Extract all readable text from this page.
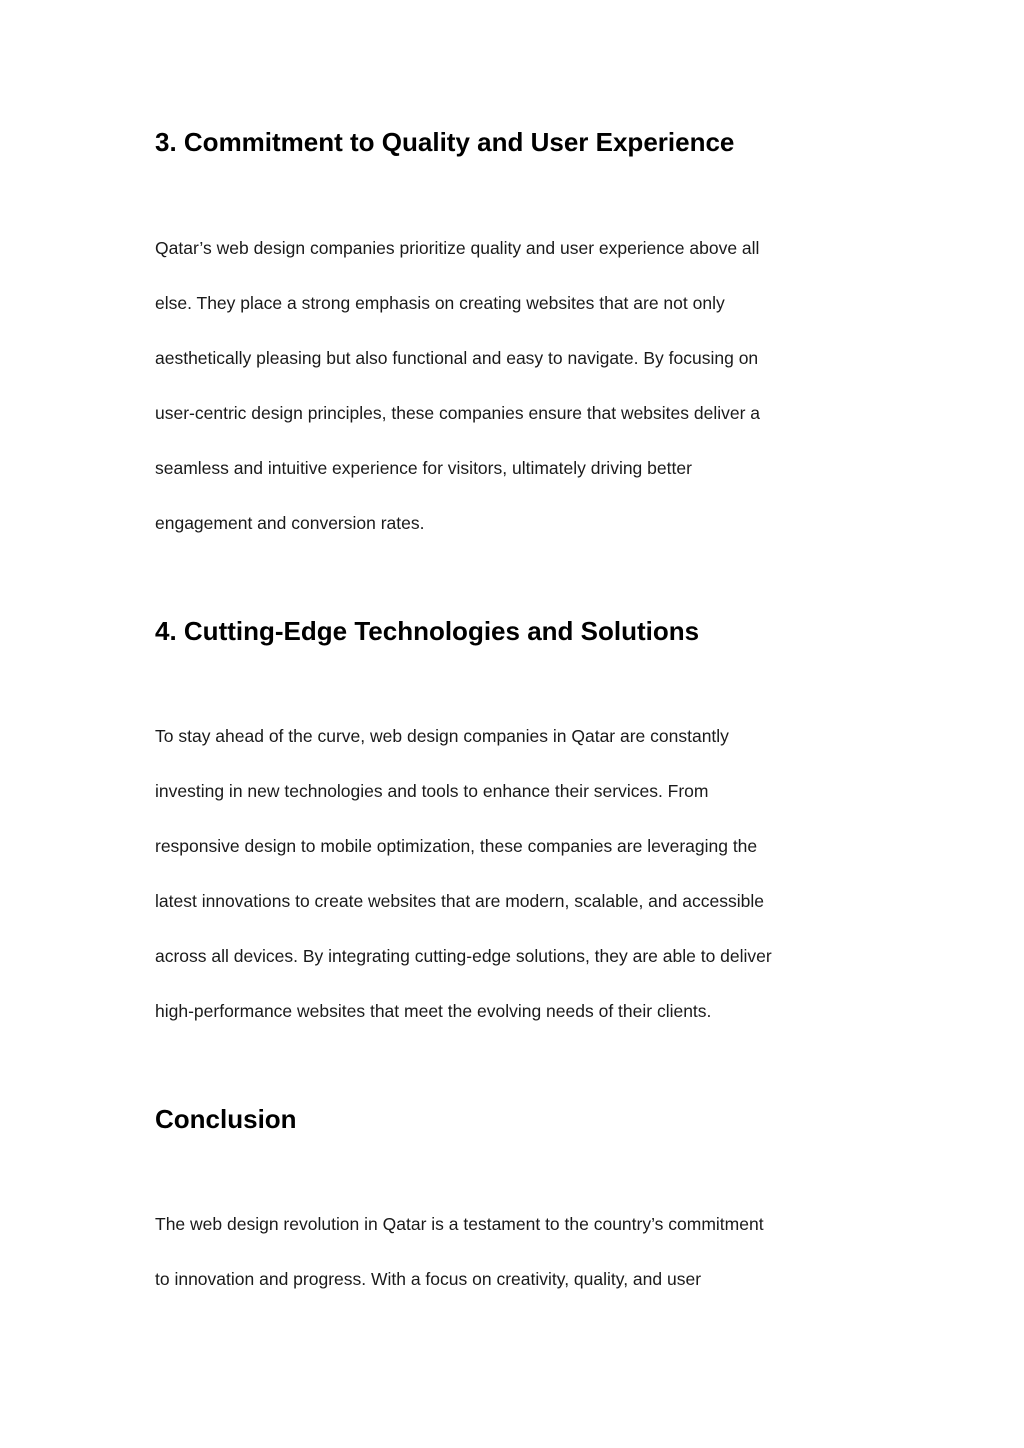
3. Commitment to Quality and User Experience
Qatar’s web design companies prioritize quality and user experience above all
else. They place a strong emphasis on creating websites that are not only
aesthetically pleasing but also functional and easy to navigate. By focusing on
user-centric design principles, these companies ensure that websites deliver a
seamless and intuitive experience for visitors, ultimately driving better
engagement and conversion rates.
4. Cutting-Edge Technologies and Solutions
To stay ahead of the curve, web design companies in Qatar are constantly
investing in new technologies and tools to enhance their services. From
responsive design to mobile optimization, these companies are leveraging the
latest innovations to create websites that are modern, scalable, and accessible
across all devices. By integrating cutting-edge solutions, they are able to deliver
high-performance websites that meet the evolving needs of their clients.
Conclusion
The web design revolution in Qatar is a testament to the country’s commitment
to innovation and progress. With a focus on creativity, quality, and user
